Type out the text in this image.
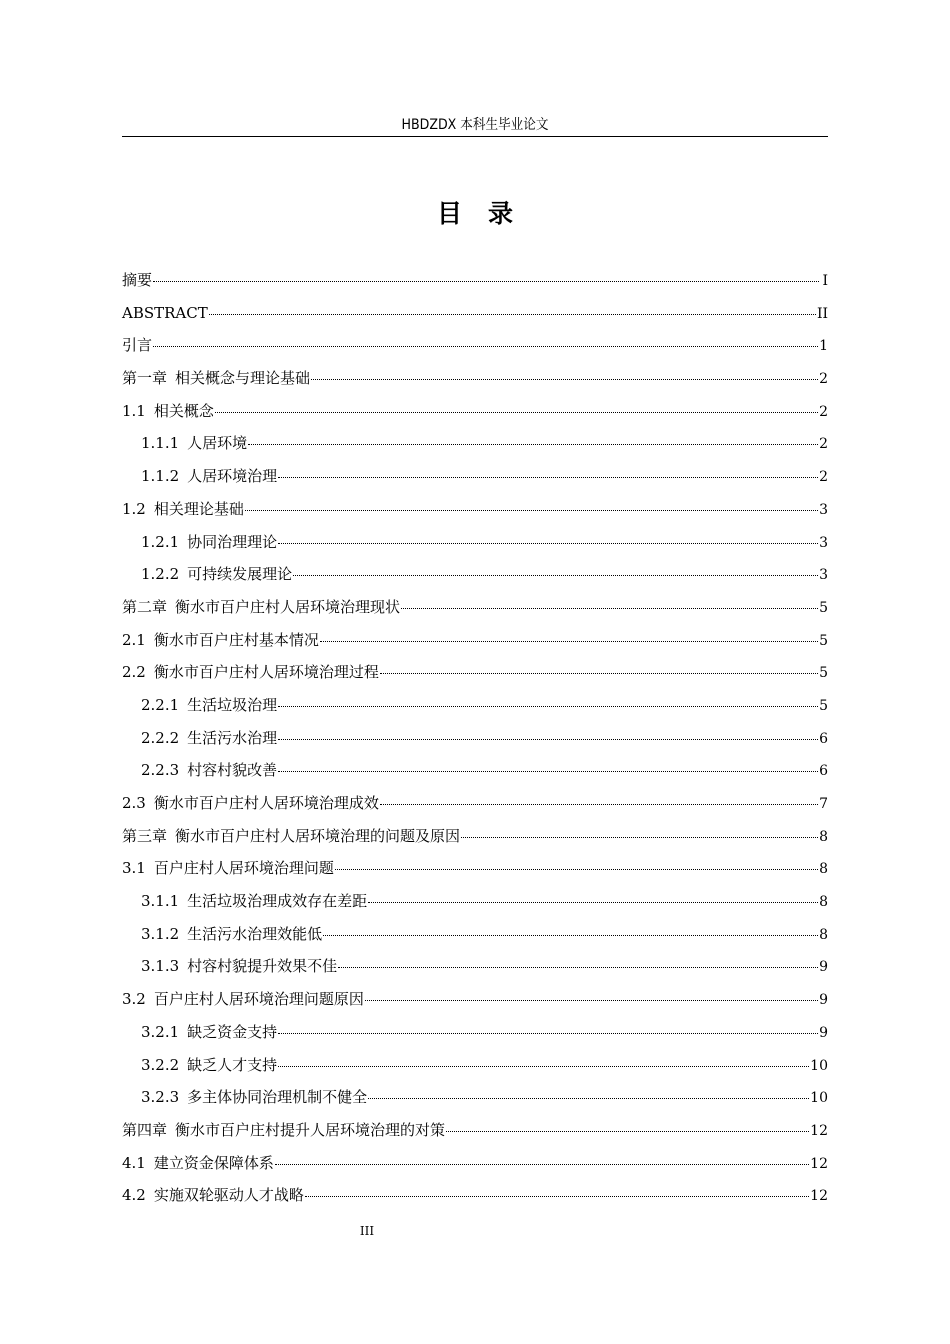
HBDZDX 本科生毕业论文
目录
摘要	I
ABSTRACT	II
引言	1
第一章 相关概念与理论基础	2
1.1 相关概念	2
1.1.1 人居环境	2
1.1.2 人居环境治理	2
1.2 相关理论基础	3
1.2.1 协同治理理论	3
1.2.2 可持续发展理论	3
第二章 衡水市百户庄村人居环境治理现状	5
2.1 衡水市百户庄村基本情况	5
2.2 衡水市百户庄村人居环境治理过程	5
2.2.1 生活垃圾治理	5
2.2.2 生活污水治理	6
2.2.3 村容村貌改善	6
2.3 衡水市百户庄村人居环境治理成效	7
第三章 衡水市百户庄村人居环境治理的问题及原因	8
3.1 百户庄村人居环境治理问题	8
3.1.1 生活垃圾治理成效存在差距	8
3.1.2 生活污水治理效能低	8
3.1.3 村容村貌提升效果不佳	9
3.2 百户庄村人居环境治理问题原因	9
3.2.1 缺乏资金支持	9
3.2.2 缺乏人才支持	10
3.2.3 多主体协同治理机制不健全	10
第四章 衡水市百户庄村提升人居环境治理的对策	12
4.1 建立资金保障体系	12
4.2 实施双轮驱动人才战略	12
III
